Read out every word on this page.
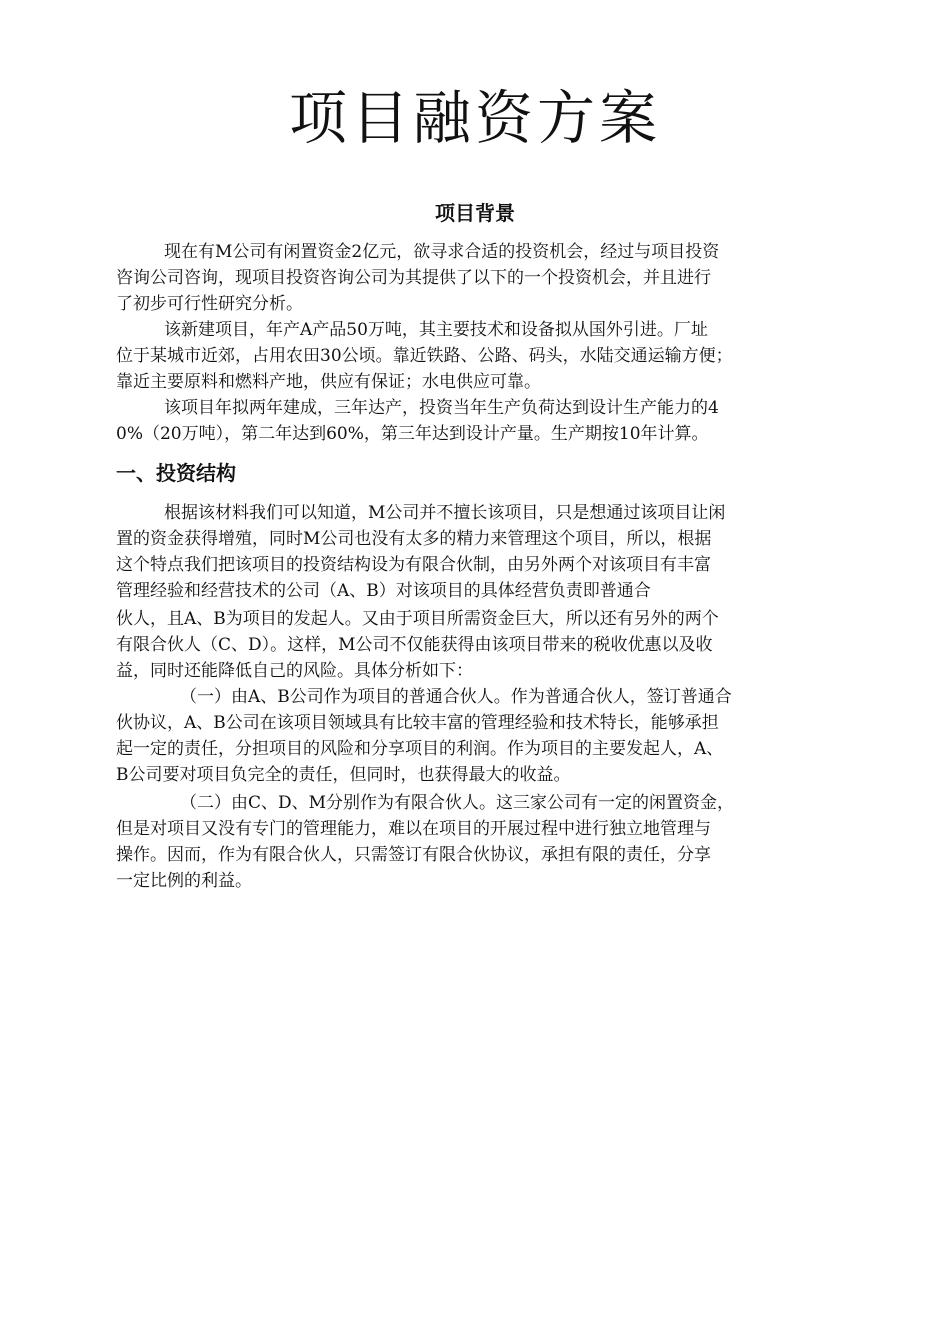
项目融资方案
项目背景

现在有M公司有闲置资金2亿元，欲寻求合适的投资机会，经过与项目投资

咨询公司咨询，现项目投资咨询公司为其提供了以下的一个投资机会，并且进行

了初步可行性研究分析。

该新建项目，年产A产品50万吨，其主要技术和设备拟从国外引进。厂址

位于某城市近郊，占用农田30公顷。靠近铁路、公路、码头，水陆交通运输方便；

靠近主要原料和燃料产地，供应有保证；水电供应可靠。

该项目年拟两年建成，三年达产，投资当年生产负荷达到设计生产能力的4

0%（20万吨），第二年达到60%，第三年达到设计产量。生产期按10年计算。

一、投资结构

根据该材料我们可以知道，M公司并不擅长该项目，只是想通过该项目让闲

置的资金获得增殖，同时M公司也没有太多的精力来管理这个项目，所以，根据

这个特点我们把该项目的投资结构设为有限合伙制，由另外两个对该项目有丰富

管理经验和经营技术的公司（A、B）对该项目的具体经营负责即普通合

伙人，且A、B为项目的发起人。又由于项目所需资金巨大，所以还有另外的两个

有限合伙人（C、D）。这样，M公司不仅能获得由该项目带来的税收优惠以及收

益，同时还能降低自己的风险。具体分析如下：

（一）由A、B公司作为项目的普通合伙人。作为普通合伙人，签订普通合

伙协议，A、B公司在该项目领域具有比较丰富的管理经验和技术特长，能够承担

起一定的责任，分担项目的风险和分享项目的利润。作为项目的主要发起人，A、

B公司要对项目负完全的责任，但同时，也获得最大的收益。

（二）由C、D、M分别作为有限合伙人。这三家公司有一定的闲置资金，

但是对项目又没有专门的管理能力，难以在项目的开展过程中进行独立地管理与

操作。因而，作为有限合伙人，只需签订有限合伙协议，承担有限的责任，分享

一定比例的利益。
